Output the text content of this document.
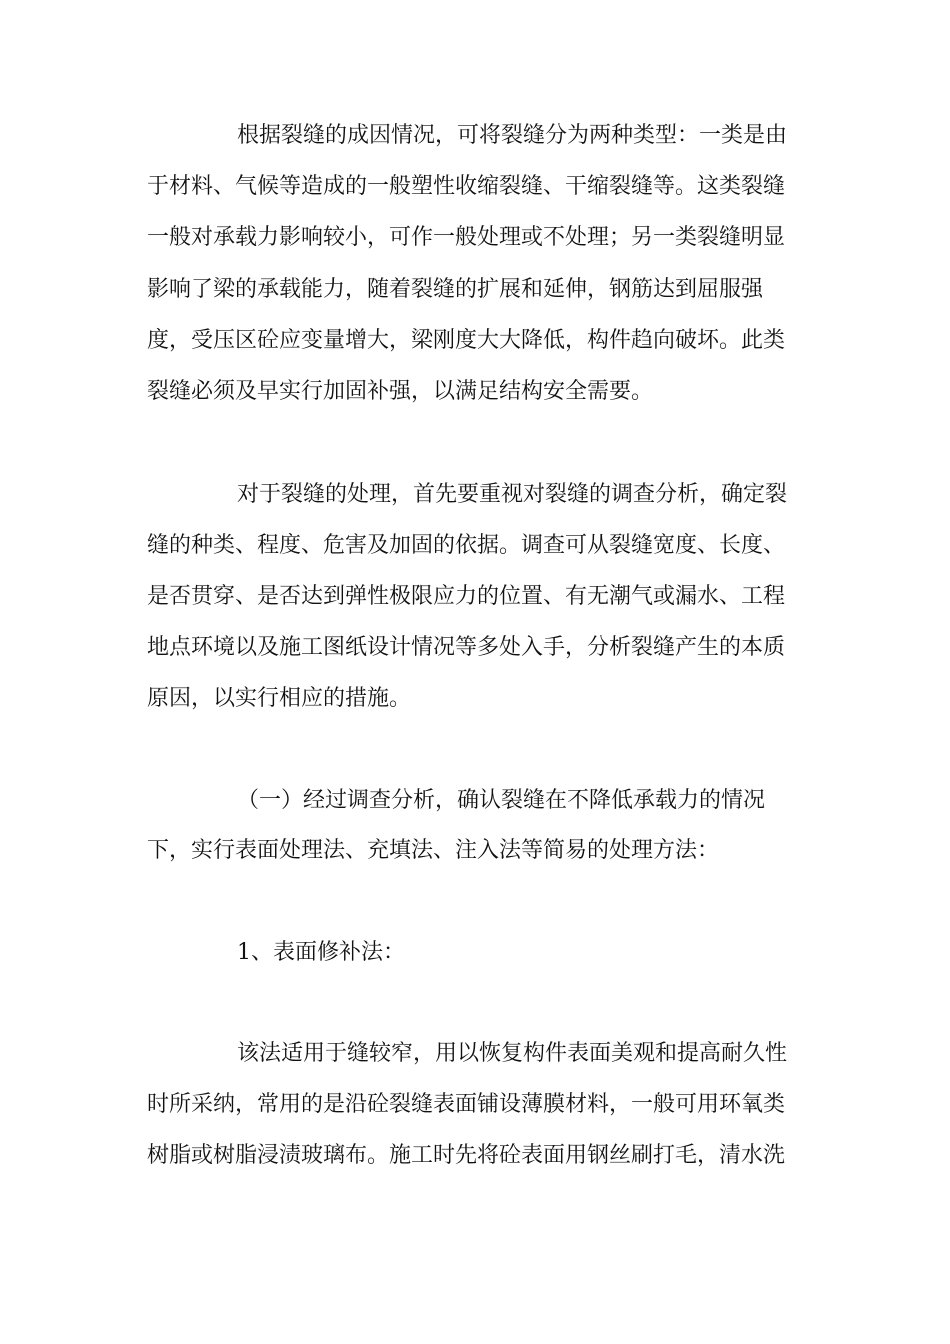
根据裂缝的成因情况，可将裂缝分为两种类型：一类是由

于材料、气候等造成的一般塑性收缩裂缝、干缩裂缝等。这类裂缝

一般对承载力影响较小，可作一般处理或不处理；另一类裂缝明显

影响了梁的承载能力，随着裂缝的扩展和延伸，钢筋达到屈服强

度，受压区砼应变量增大，梁刚度大大降低，构件趋向破坏。此类

裂缝必须及早实行加固补强，以满足结构安全需要。

对于裂缝的处理，首先要重视对裂缝的调查分析，确定裂

缝的种类、程度、危害及加固的依据。调查可从裂缝宽度、长度、

是否贯穿、是否达到弹性极限应力的位置、有无潮气或漏水、工程

地点环境以及施工图纸设计情况等多处入手，分析裂缝产生的本质

原因，以实行相应的措施。

（一）经过调查分析，确认裂缝在不降低承载力的情况

下，实行表面处理法、充填法、注入法等简易的处理方法：

1、表面修补法：

该法适用于缝较窄，用以恢复构件表面美观和提高耐久性

时所采纳，常用的是沿砼裂缝表面铺设薄膜材料，一般可用环氧类

树脂或树脂浸渍玻璃布。施工时先将砼表面用钢丝刷打毛，清水洗
